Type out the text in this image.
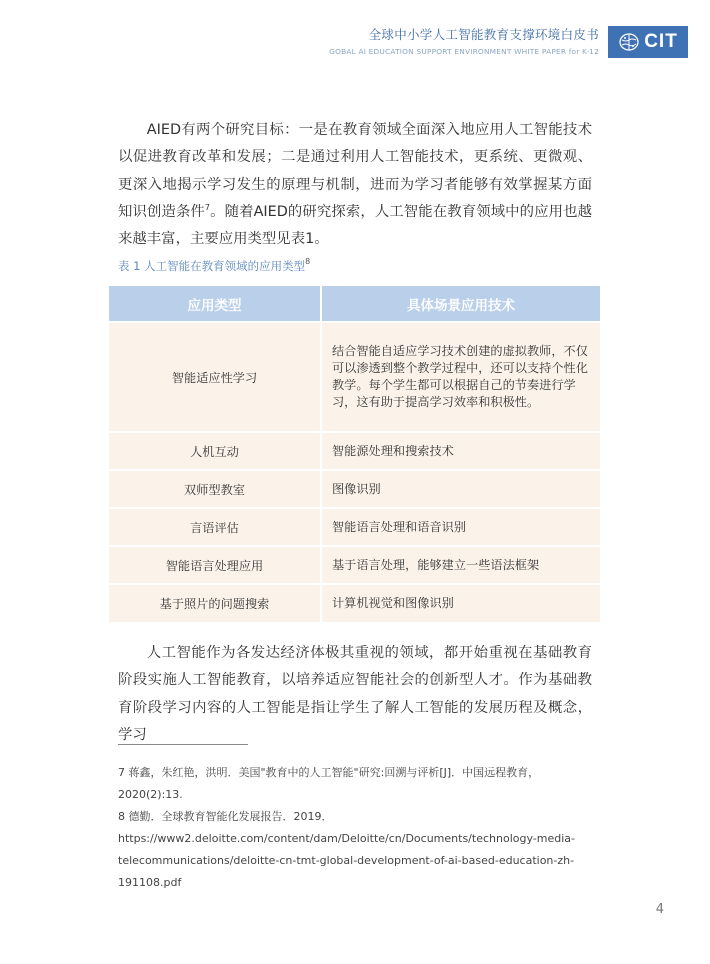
全球中小学人工智能教育支撑环境白皮书
GOBAL AI EDUCATION SUPPORT ENVIRONMENT WHITE PAPER for K-12 CIT

AIED有两个研究目标：一是在教育领域全面深入地应用人工智能技术以促进教育改革和发展；二是通过利用人工智能技术，更系统、更微观、更深入地揭示学习发生的原理与机制，进而为学习者能够有效掌握某方面知识创造条件$^7$。随着AIED的研究探索，人工智能在教育领域中的应用也越来越丰富，主要应用类型见表1。

表 1 人工智能在教育领域的应用类型$^8$
应用类型	具体场景应用技术
智能适应性学习	结合智能自适应学习技术创建的虚拟教师，不仅可以渗透到整个教学过程中，还可以支持个性化教学。每个学生都可以根据自己的节奏进行学习，这有助于提高学习效率和积极性。
人机互动	智能源处理和搜索技术
双师型教室	图像识别
言语评估	智能语言处理和语音识别
智能语言处理应用	基于语言处理，能够建立一些语法框架
基于照片的问题搜索	计算机视觉和图像识别

人工智能作为各发达经济体极其重视的领域，都开始重视在基础教育阶段实施人工智能教育，以培养适应智能社会的创新型人才。作为基础教育阶段学习内容的人工智能是指让学生了解人工智能的发展历程及概念，学习

7 蒋鑫，朱红艳，洪明．美国"教育中的人工智能"研究:回溯与评析[J]．中国远程教育，2020(2):13.
8 德勤．全球教育智能化发展报告．2019．https://www2.deloitte.com/content/dam/Deloitte/cn/Documents/technology-media-telecommunications/deloitte-cn-tmt-global-development-of-ai-based-education-zh-191108.pdf
4
